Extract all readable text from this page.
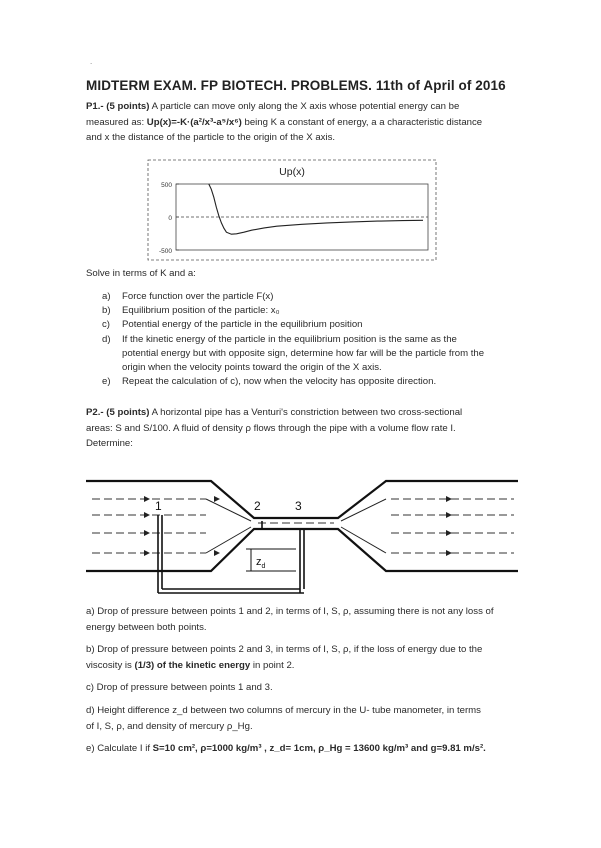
.
MIDTERM EXAM. FP BIOTECH. PROBLEMS. 11th of April of 2016
P1.- (5 points) A particle can move only along the X axis whose potential energy can be
measured as: Up(x)=-K·(a²/x³-a⁵/x⁶) being K a constant of energy, a a characteristic distance
and x the distance of the particle to the origin of the X axis.
Up(x)
500
0
-500
Solve in terms of K and a:
a)	Force function over the particle F(x)
b)	Equilibrium position of the particle: x₀
c)	Potential energy of the particle in the equilibrium position
d)	If the kinetic energy of the particle in the equilibrium position is the same as the potential energy but with opposite sign, determine how far will be the particle from the origin when the velocity points toward the origin of the X axis.
e)	Repeat the calculation of c), now when the velocity has opposite direction.
P2.- (5 points) A horizontal pipe has a Venturi's constriction between two cross-sectional
areas: S and S/100. A fluid of density ρ flows through the pipe with a volume flow rate I.
Determine:
1	2	3
$z_d$
a) Drop of pressure between points 1 and 2, in terms of I, S, ρ, assuming there is not any loss of
energy between both points.
b) Drop of pressure between points 2 and 3, in terms of I, S, ρ, if the loss of energy due to the
viscosity is (1/3) of the kinetic energy in point 2.
c) Drop of pressure between points 1 and 3.
d) Height difference z_d between two columns of mercury in the U- tube manometer, in terms
of I, S, ρ, and density of mercury ρ_Hg.
e) Calculate I if S=10 cm², ρ=1000 kg/m³ , z_d= 1cm, ρ_Hg = 13600 kg/m³ and g=9.81 m/s².
